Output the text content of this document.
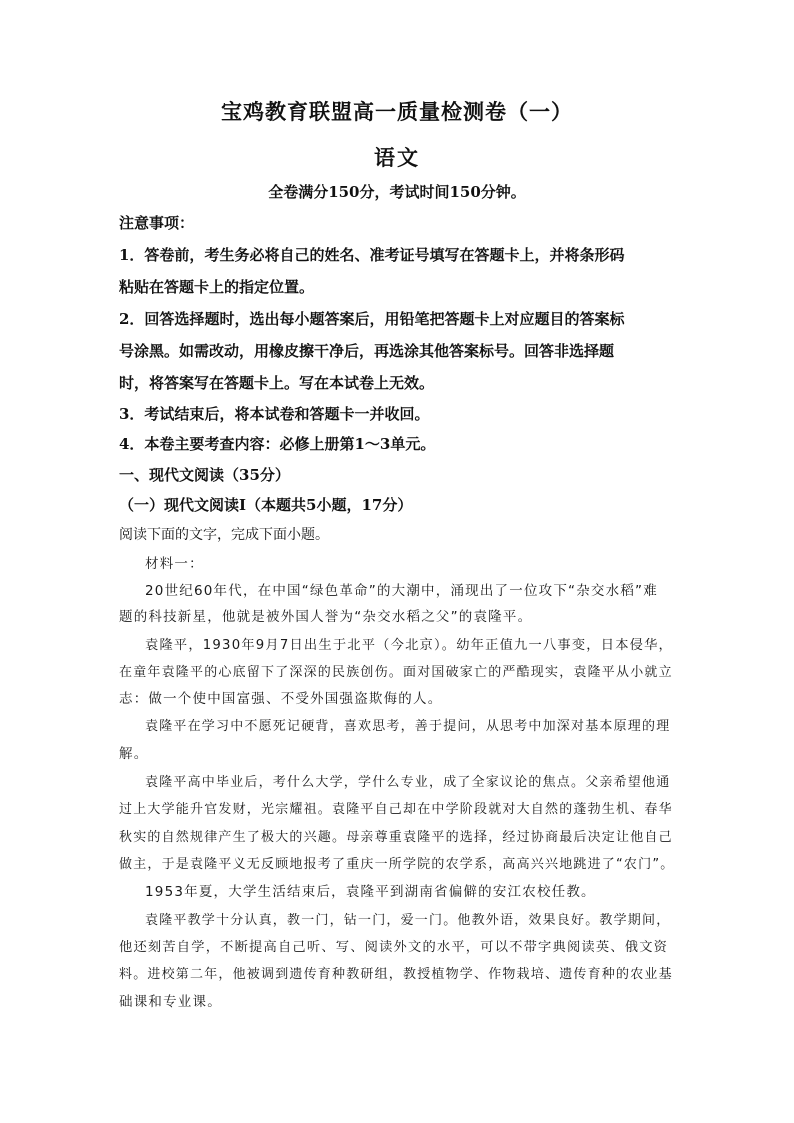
宝鸡教育联盟高一质量检测卷（一）
语文
全卷满分150分，考试时间150分钟。
注意事项：
1．答卷前，考生务必将自己的姓名、准考证号填写在答题卡上，并将条形码
粘贴在答题卡上的指定位置。
2．回答选择题时，选出每小题答案后，用铅笔把答题卡上对应题目的答案标
号涂黑。如需改动，用橡皮擦干净后，再选涂其他答案标号。回答非选择题
时，将答案写在答题卡上。写在本试卷上无效。
3．考试结束后，将本试卷和答题卡一并收回。
4．本卷主要考查内容：必修上册第1～3单元。
一、现代文阅读（35分）
（一）现代文阅读Ⅰ（本题共5小题，17分）
阅读下面的文字，完成下面小题。
材料一：
20世纪60年代，在中国“绿色革命”的大潮中，涌现出了一位攻下“杂交水稻”难
题的科技新星，他就是被外国人誉为“杂交水稻之父”的袁隆平。
袁隆平，1930年9月7日出生于北平（今北京）。幼年正值九一八事变，日本侵华，
在童年袁隆平的心底留下了深深的民族创伤。面对国破家亡的严酷现实，袁隆平从小就立
志：做一个使中国富强、不受外国强盗欺侮的人。
袁隆平在学习中不愿死记硬背，喜欢思考，善于提问，从思考中加深对基本原理的理
解。
袁隆平高中毕业后，考什么大学，学什么专业，成了全家议论的焦点。父亲希望他通
过上大学能升官发财，光宗耀祖。袁隆平自己却在中学阶段就对大自然的蓬勃生机、春华
秋实的自然规律产生了极大的兴趣。母亲尊重袁隆平的选择，经过协商最后决定让他自己
做主，于是袁隆平义无反顾地报考了重庆一所学院的农学系，高高兴兴地跳进了“农门”。
1953年夏，大学生活结束后，袁隆平到湖南省偏僻的安江农校任教。
袁隆平教学十分认真，教一门，钻一门，爱一门。他教外语，效果良好。教学期间，
他还刻苦自学，不断提高自己听、写、阅读外文的水平，可以不带字典阅读英、俄文资
料。进校第二年，他被调到遗传育种教研组，教授植物学、作物栽培、遗传育种的农业基
础课和专业课。
